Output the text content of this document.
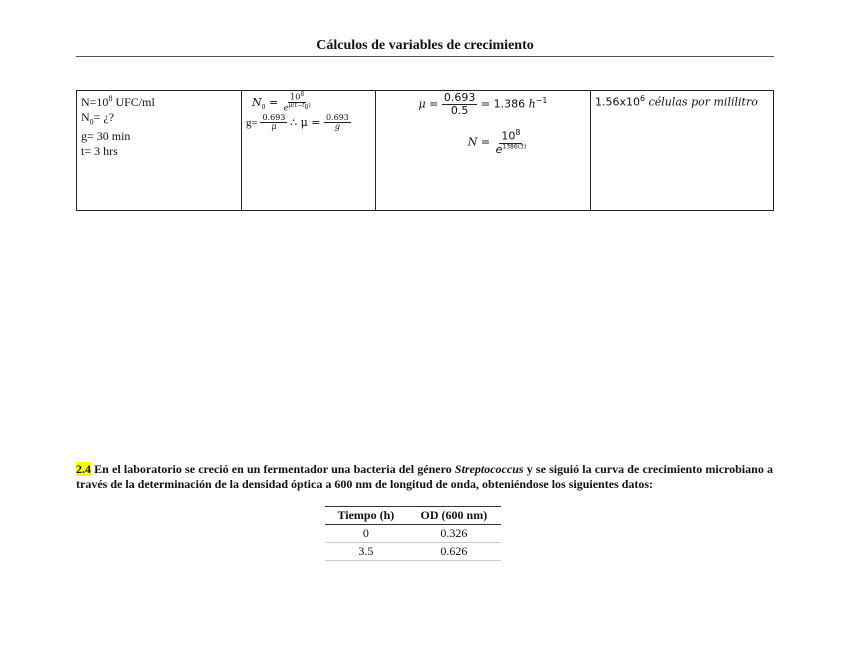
Cálculos de variables de crecimiento
$N=10^8$ UFC/ml
$N_0=$ ¿?
g= 30 min
t= 3 hrs

$N_0 = \frac{10^8}{e^{\mu(t-t_0)}}$
$g= \frac{0.693}{\mu}$ ∴ $\mu = \frac{0.693}{g}$

$\mu = \frac{0.693}{0.5} = 1.386$ $h^{-1}$
$N = \frac{10^8}{e^{1386(3)}}$

$1.56x10^6$ células por mililitro
2.4 En el laboratorio se creció en un fermentador una bacteria del género Streptococcus y se siguió la curva de crecimiento microbiano a través de la determinación de la densidad óptica a 600 nm de longitud de onda, obteniéndose los siguientes datos:
Tiempo (h)	OD (600 nm)
0	0.326
3.5	0.626
